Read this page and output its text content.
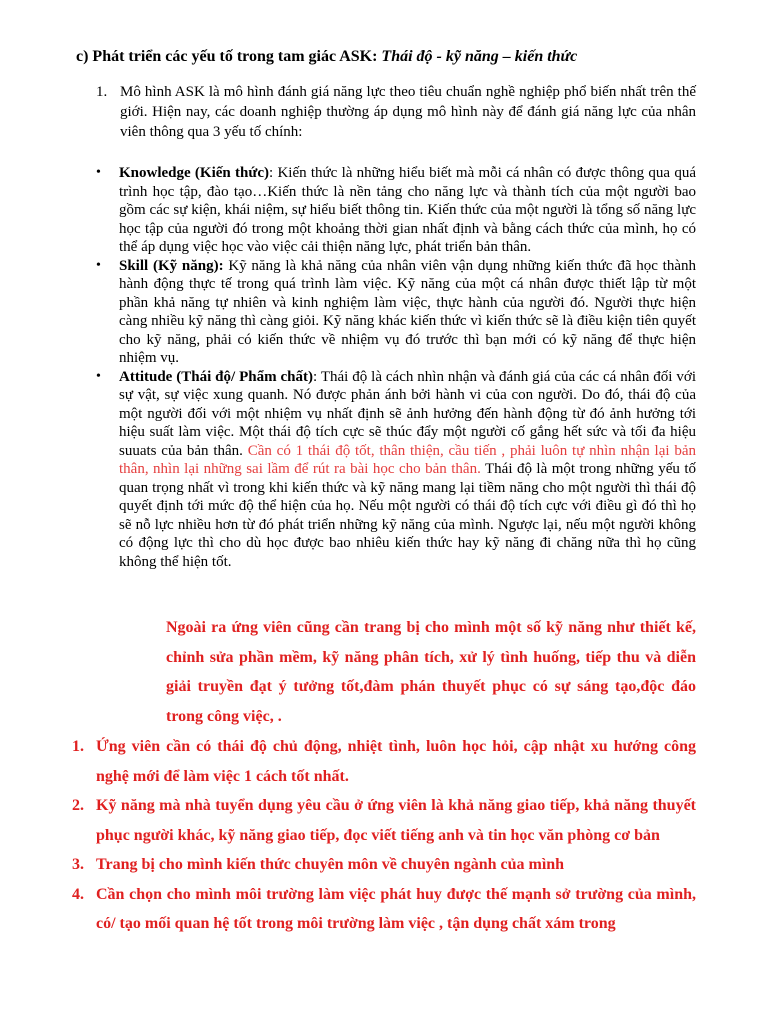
c) Phát triển các yếu tố trong tam giác ASK: Thái độ - kỹ năng – kiến thức
1. Mô hình ASK là mô hình đánh giá năng lực theo tiêu chuẩn nghề nghiệp phổ biến nhất trên thế giới. Hiện nay, các doanh nghiệp thường áp dụng mô hình này để đánh giá năng lực của nhân viên thông qua 3 yếu tố chính:
• Knowledge (Kiến thức): Kiến thức là những hiểu biết mà mỗi cá nhân có được thông qua quá trình học tập, đào tạo…Kiến thức là nền tảng cho năng lực và thành tích của một người bao gồm các sự kiện, khái niệm, sự hiểu biết thông tin. Kiến thức của một người là tổng số năng lực học tập của người đó trong một khoảng thời gian nhất định và bằng cách thức của mình, họ có thể áp dụng việc học vào việc cải thiện năng lực, phát triển bản thân.
• Skill (Kỹ năng): Kỹ năng là khả năng của nhân viên vận dụng những kiến thức đã học thành hành động thực tế trong quá trình làm việc. Kỹ năng của một cá nhân được thiết lập từ một phần khả năng tự nhiên và kinh nghiệm làm việc, thực hành của người đó. Người thực hiện càng nhiều kỹ năng thì càng giỏi. Kỹ năng khác kiến thức vì kiến thức sẽ là điều kiện tiên quyết cho kỹ năng, phải có kiến thức về nhiệm vụ đó trước thì bạn mới có kỹ năng để thực hiện nhiệm vụ.
• Attitude (Thái độ/ Phẩm chất): Thái độ là cách nhìn nhận và đánh giá của các cá nhân đối với sự vật, sự việc xung quanh. Nó được phản ánh bởi hành vi của con người. Do đó, thái độ của một người đối với một nhiệm vụ nhất định sẽ ảnh hưởng đến hành động từ đó ảnh hưởng tới hiệu suất làm việc. Một thái độ tích cực sẽ thúc đẩy một người cố gắng hết sức và tối đa hiệu suuats của bản thân. Cần có 1 thái độ tốt, thân thiện, cầu tiến , phải luôn tự nhìn nhận lại bản thân, nhìn lại những sai lầm để rút ra bài học cho bản thân. Thái độ là một trong những yếu tố quan trọng nhất vì trong khi kiến thức và kỹ năng mang lại tiềm năng cho một người thì thái độ quyết định tới mức độ thể hiện của họ. Nếu một người có thái độ tích cực với điều gì đó thì họ sẽ nỗ lực nhiều hơn từ đó phát triển những kỹ năng của mình. Ngược lại, nếu một người không có động lực thì cho dù học được bao nhiêu kiến thức hay kỹ năng đi chăng nữa thì họ cũng không thể hiện tốt.
Ngoài ra ứng viên cũng cần trang bị cho mình một số kỹ năng như thiết kế, chỉnh sửa phần mềm, kỹ năng phân tích, xử lý tình huống, tiếp thu và diễn giải truyền đạt ý tưởng tốt,đàm phán thuyết phục có sự sáng tạo,độc đáo trong công việc, .
1. Ứng viên cần có thái độ chủ động, nhiệt tình, luôn học hỏi, cập nhật xu hướng công nghệ mới để làm việc 1 cách tốt nhất.
2. Kỹ năng mà nhà tuyển dụng yêu cầu ở ứng viên là khả năng giao tiếp, khả năng thuyết phục người khác, kỹ năng giao tiếp, đọc viết tiếng anh và tin học văn phòng cơ bản
3. Trang bị cho mình kiến thức chuyên môn về chuyên ngành của mình
4. Cần chọn cho mình môi trường làm việc phát huy được thế mạnh sở trường của mình, có/ tạo mối quan hệ tốt trong môi trường làm việc , tận dụng chất xám trong
